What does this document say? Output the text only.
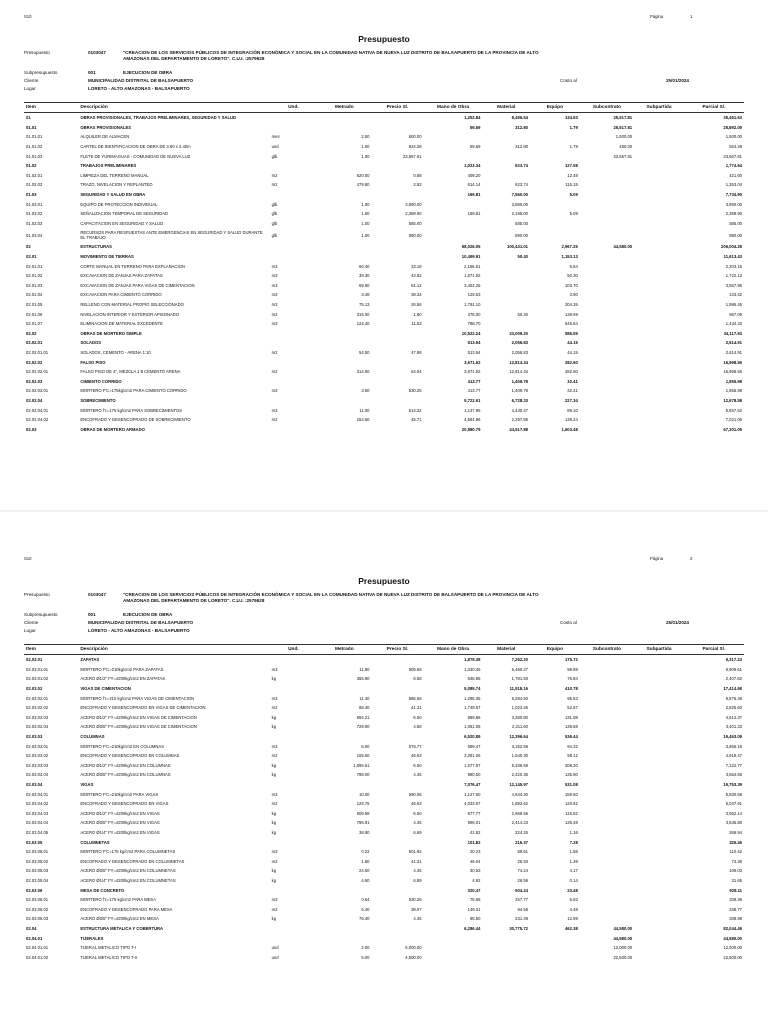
S10	Página	1
Presupuesto
Presupuesto	0103047	"CREACION DE LOS SERVICIOS PÚBLICOS DE INTEGRACIÓN ECONÓMICA Y SOCIAL EN LA COMUNIDAD NATIVA DE NUEVA LUZ DISTRITO DE BALSAPUERTO DE LA PROVINCIA DE ALTO
AMAZONAS DEL DEPARTAMENTO DE LORETO". C.U.I. :2579628
Subpresupuesto	001	EJECUCION DE OBRA
Cliente	MUNICIPALIDAD DISTRITAL DE BALSAPUERTO	Costo al	25/01/2024
Lugar	LORETO - ALTO AMAZONAS - BALSAPUERTO
Item	Descripción	Und.	Metrado	Precio S/.	Mano de Obra	Material	Equipo	Subcontrato	Subpartida	Parcial S/.
01	OBRAS PROVISIONALES, TRABAJOS PRELIMINARES, SEGURIDAD Y SALUD				1,252.84	8,496.54	134.63	25,517.81		35,461.63
01.01	OBRAS PROVISIONALES				59.69	312.80	1.79	25,517.81		25,892.09
01.01.01	ALQUILER DE ALMACEN	mes	2.50	600.00				1,500.00		1,500.00
01.01.02	CARTEL DE IDENTIFICACION DE OBRA DE 3.60 x 2.40m	und	1.00	824.28	59.69	312.80	1.79	450.00		824.28
01.01.03	FLETE DE YURIMAGUAS - COMUNIDAD DE NUEVA LUZ	glb	1.00	23,567.81				23,567.81		23,567.81
01.02	TRABAJOS PRELIMINARES				1,023.34	623.74	127.58			1,774.64
01.02.01	LIMPIEZA DEL TERRENO MANUAL	m2	620.00	0.68	409.20		12.48			421.60
01.02.02	TRAZO, NIVELACION Y REPLANTEO	m2	479.80	2.82	614.14	623.74	115.15			1,353.04
01.03	SEGURIDAD Y SALUD EN OBRA				169.81	7,560.00	5.09			7,734.90
01.03.01	EQUIPO DE PROTECCION INDIVIDUAL	glb	1.00	3,890.00		3,890.00				3,890.00
01.03.02	SEÑALIZACION TEMPORAL DE SEGURIDAD	glb	1.00	2,369.90	169.81	2,195.00	5.09			2,369.90
01.03.03	CAPACITACION EN SEGURIDAD Y SALUD	glb	1.00	585.00		585.00				585.00
01.03.04	RECURSOS PARA RESPUESTAS ANTE EMERGENCIAS EN SEGURIDAD Y SALUD DURANTE EL TRABAJO	glb	1.00	890.00		890.00				890.00
02	ESTRUCTURAS				58,026.05	100,431.01	2,967.25	44,580.00		206,004.28
02.01	MOVIMIENTO DE TIERRAS				10,499.91	50.40	1,153.13			11,613.43
02.01.01	CORTE MANUAL EN TERRENO PARA EXPLANACION	m3	66.40	33.18	2,196.51		6.64			2,203.15
02.01.02	EXCAVACION DE ZANJAS PARA ZAPATAS	m3	39.30	43.82	1,671.82		50.30			1,722.13
02.01.03	EXCAVACION DE ZANJAS PARA VIGAS DE CIMENTACION	m3	69.60	51.12	3,454.25		103.70			3,557.95
02.01.04	EXCAVACION PARA CIMIENTO CORRIDO	m3	3.48	38.34	129.53		3.90			133.42
02.01.05	RELLENO CON MATERIAL PROPIO SELECCIONADO	m3	75.13	26.56	1,791.10		204.35			1,995.45
02.01.06	NIVELACION INTERIOR Y EXTERIOR APISONADO	m2	315.00	1.80	378.00	50.40	138.69			567.09
02.01.07	ELIMINACION DE MATERIAL EXCEDENTE	m3	124.40	11.53	788.70		645.64			1,434.33
02.02	OBRAS DE MORTERO SIMPLE				10,522.24	23,009.20	586.59			34,117.93
02.02.01	SOLADOS				513.94	2,056.83	44.15			2,614.91
02.02.01.01	SOLADOS, CEMENTO - ARENA 1:10	m2	54.50	47.98	513.94	2,056.83	44.15			2,614.91
02.02.02	FALSO PISO				3,671.62	12,814.34	282.60			16,968.56
02.02.02.01	FALSO PISO DE 4", MEZCLA 1:8 CEMENTO ARENA	m2	314.00	54.04	3,671.62	12,814.34	282.60			16,968.56
02.02.03	CIMIENTO CORRIDO				413.77	1,409.78	32.41			1,855.98
02.02.03.01	MORTERO F'C=175kg/cm2 PARA CIMIENTO CORRIDO	m3	3.50	530.25	413.77	1,409.78	32.41			1,855.98
02.02.04	SOBRECIMIENTO				5,722.91	6,728.33	227.34			12,678.58
02.02.04.01	MORTERO f'c=175 kg/cm2 PARA SOBRECIMIENTOS	m3	11.00	514.32	1,137.95	4,430.47	89.10			5,657.52
02.02.04.02	ENCOFRADO Y DESENCOFRADO DE SOBRECIMIENTO	m2	153.60	45.71	4,584.96	2,297.86	138.24			7,021.06
02.03	OBRAS DE MORTERO ARMADO				20,980.79	44,517.88	1,603.48			67,201.05
S10	Página	2
Presupuesto
Presupuesto	0103047	"CREACION DE LOS SERVICIOS PÚBLICOS DE INTEGRACIÓN ECONÓMICA Y SOCIAL EN LA COMUNIDAD NATIVA DE NUEVA LUZ DISTRITO DE BALSAPUERTO DE LA PROVINCIA DE ALTO
AMAZONAS DEL DEPARTAMENTO DE LORETO". C.U.I. :2579628
Subpresupuesto	001	EJECUCION DE OBRA
Cliente	MUNICIPALIDAD DISTRITAL DE BALSAPUERTO	Costo al	25/01/2024
Lugar	LORETO - ALTO AMAZONAS - BALSAPUERTO
Item	Descripción	Und.	Metrado	Precio S/.	Mano de Obra	Material	Equipo	Subcontrato	Subpartida	Parcial S/.
02.03.01	ZAPATAS				1,879.38	7,262.20	175.72			9,317.23
02.03.01.01	MORTERO F'C=210kg/cm2 PARA ZAPATAS	m3	11.80	505.56	1,330.45	5,480.27	98.89			6,909.61
02.03.01.02	ACERO Ø1/2" FY=4200kg/cm2 EN ZAPATAS	kg	365.90	6.58	548.85	1,781.93	76.84			2,407.62
02.03.02	VIGAS DE CIMENTACION				5,085.74	11,918.16	410.78			17,414.68
02.03.02.01	MORTERO f'c=210 kg/cm2 PARA VIGAS DE CIMENTACION	m3	11.40	585.56	1,295.35	5,284.50	95.53			6,675.38
02.03.02.02	ENCOFRADO Y DESENCOFRADO EN VIGAS DE CIMENTACION	m2	68.40	41.31	1,749.67	1,023.26	52.67			2,825.60
02.03.02.03	ACERO Ø1/2" FY=4200kg/cm2 EN VIGAS DE CIMENTACION	kg	694.21	6.50	989.86	3,380.80	131.98			4,512.37
02.03.02.04	ACERO Ø3/8" FY=4200kg/cm2 EN VIGAS DE CIMENTACION	kg	729.90	4.68	1,051.06	2,211.60	138.68			3,401.33
02.03.03	COLUMNAS				6,520.89	12,396.64	536.44			19,463.09
02.03.03.01	MORTERO F'C=210kg/cm2 EN COLUMNAS	m3	6.00	578.77	689.47	3,152.59	94.32			3,865.18
02.03.03.02	ENCOFRADO Y DESENCOFRADO EN COLUMNAS	m2	105.50	46.63	3,281.05	1,540.30	98.12			4,919.47
02.03.03.03	ACERO Ø1/2" FY=4200kg/cm2 EN COLUMNAS	kg	1,095.61	6.50	1,577.97	5,336.59	208.20			7,122.77
02.03.03.04	ACERO Ø3/8" FY=4200kg/cm2 EN COLUMNAS	kg	798.00	4.45	980.50	2,420.36	135.90			3,554.66
02.03.04	VIGAS				7,076.47	12,145.97	531.08			19,753.39
02.03.04.01	MORTERO F'C=210kg/cm2 PARA VIGAS	m3	10.00	590.06	1,127.50	4,644.30	158.60			5,930.68
02.03.04.02	ENCOFRADO Y DESENCOFRADO EN VIGAS	m2	129.75	46.63	4,033.67	1,893.62	120.62			6,047.91
02.03.04.03	ACERO Ø1/2" FY=4200kg/cm2 EN VIGAS	kg	609.58	6.50	877.77	2,968.56	115.82			3,962.14
02.03.04.04	ACERO Ø3/8" FY=4200kg/cm2 EN VIGAS	kg	796.91	4.45	996.01	2,414.23	135.48			3,545.80
02.03.04.05	ACERO Ø1/4" FY=4200kg/cm2 EN VIGAS	kg	38.90	6.69	41.52	224.26	1.16			266.94
02.03.05	COLUMNETAS				101.82	216.37	7.28			325.46
02.03.05.01	MORTERO F'C=175 kg/cm2 PARA COLUMNETAS	m3	0.22	501.92	20.23	88.61	1.58			110.42
02.03.05.02	ENCOFRADO Y DESENCOFRADO EN COLUMNETAS	m2	1.80	41.31	46.04	26.93	1.39			74.36
02.03.05.03	ACERO Ø3/8" FY=4200kg/cm2 EN COLUMNETAS	kg	24.50	4.45	30.63	74.24	4.17			109.03
02.03.05.04	ACERO Ø1/4" FY=4200kg/cm2 EN COLUMNETAS	kg	4.60	6.89	4.92	26.59	0.14			31.65
02.03.06	MESA DE CONCRETO				320.47	504.24	23.48			928.11
02.03.06.01	MORTERO f'c=175 kg/cm2 PARA MESA	m3	0.64	530.25	75.68	257.77	5.93			339.36
02.03.06.02	ENCOFRADO Y DESENCOFRADO PARA MESA	m2	6.40	38.07	149.31	94.58	4.48			248.77
02.03.06.03	ACERO Ø3/8" FY=4200kg/cm2 EN MESA	kg	76.40	4.45	95.50	231.49	12.99			339.98
02.04	ESTRUCTURA METALICA Y COBERTURA				6,286.44	30,775.72	462.38	44,580.00		82,044.46
02.04.01	TIJERALES							44,580.00		44,580.00
02.04.01.01	TIJERAL METALICO TIPO T-I	und	2.00	6,000.00				12,000.00		12,000.00
02.04.01.02	TIJERAL METALICO TIPO T-II	und	5.00	4,500.00				22,500.00		22,500.00
